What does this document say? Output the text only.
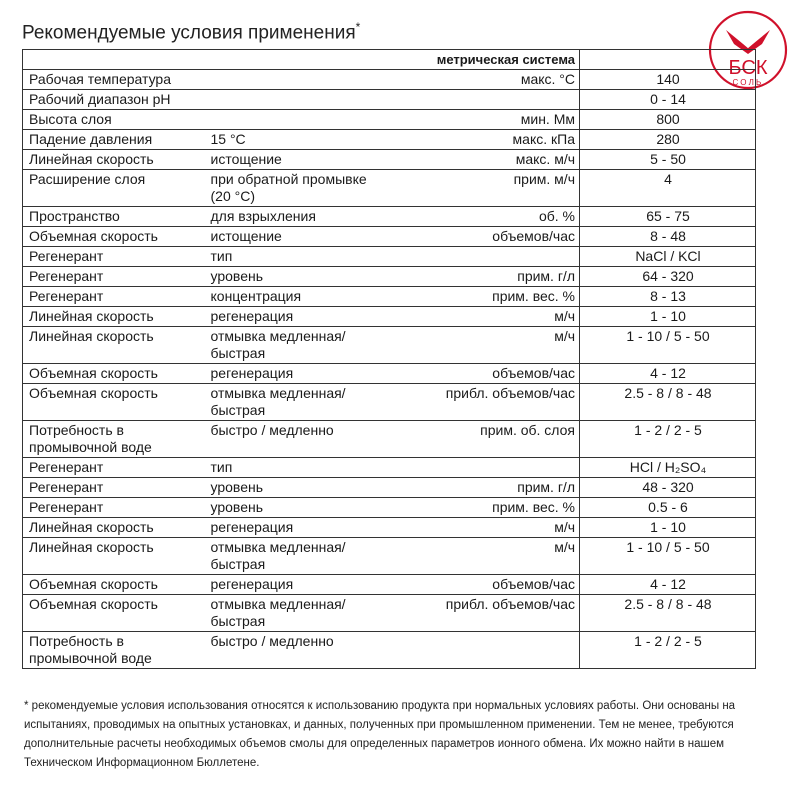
Рекомендуемые условия применения*
БСК
СОЛЬ
		метрическая система	
Рабочая температура		макс. °C	140
Рабочий диапазон pH			0 - 14
Высота слоя		мин. Мм	800
Падение давления	15 °C	макс. кПа	280
Линейная скорость	истощение	макс. м/ч	5 - 50
Расширение слоя	при обратной промывке (20 °C)	прим. м/ч	4
Пространство	для взрыхления	об. %	65 - 75
Объемная скорость	истощение	объемов/час	8 - 48
Регенерант	тип		NaCl / KCl
Регенерант	уровень	прим. г/л	64 - 320
Регенерант	концентрация	прим. вес. %	8 - 13
Линейная скорость	регенерация	м/ч	1 - 10
Линейная скорость	отмывка медленная/быстрая	м/ч	1 - 10 / 5 - 50
Объемная скорость	регенерация	объемов/час	4 - 12
Объемная скорость	отмывка медленная/быстрая	прибл. объемов/час	2.5 - 8 / 8 - 48
Потребность в промывочной воде	быстро / медленно	прим. об. слоя	1 - 2 / 2 - 5
Регенерант	тип		HCl / H₂SO₄
Регенерант	уровень	прим. г/л	48 - 320
Регенерант	уровень	прим. вес. %	0.5 - 6
Линейная скорость	регенерация	м/ч	1 - 10
Линейная скорость	отмывка медленная/быстрая	м/ч	1 - 10 / 5 - 50
Объемная скорость	регенерация	объемов/час	4 - 12
Объемная скорость	отмывка медленная/быстрая	прибл. объемов/час	2.5 - 8 / 8 - 48
Потребность в промывочной воде	быстро / медленно		1 - 2 / 2 - 5
* рекомендуемые условия использования относятся к использованию продукта при нормальных условиях работы. Они основаны на испытаниях, проводимых на опытных установках, и данных, полученных при промышленном применении. Тем не менее, требуются дополнительные расчеты необходимых объемов смолы для определенных параметров ионного обмена. Их можно найти в нашем Техническом Информационном Бюллетене.
